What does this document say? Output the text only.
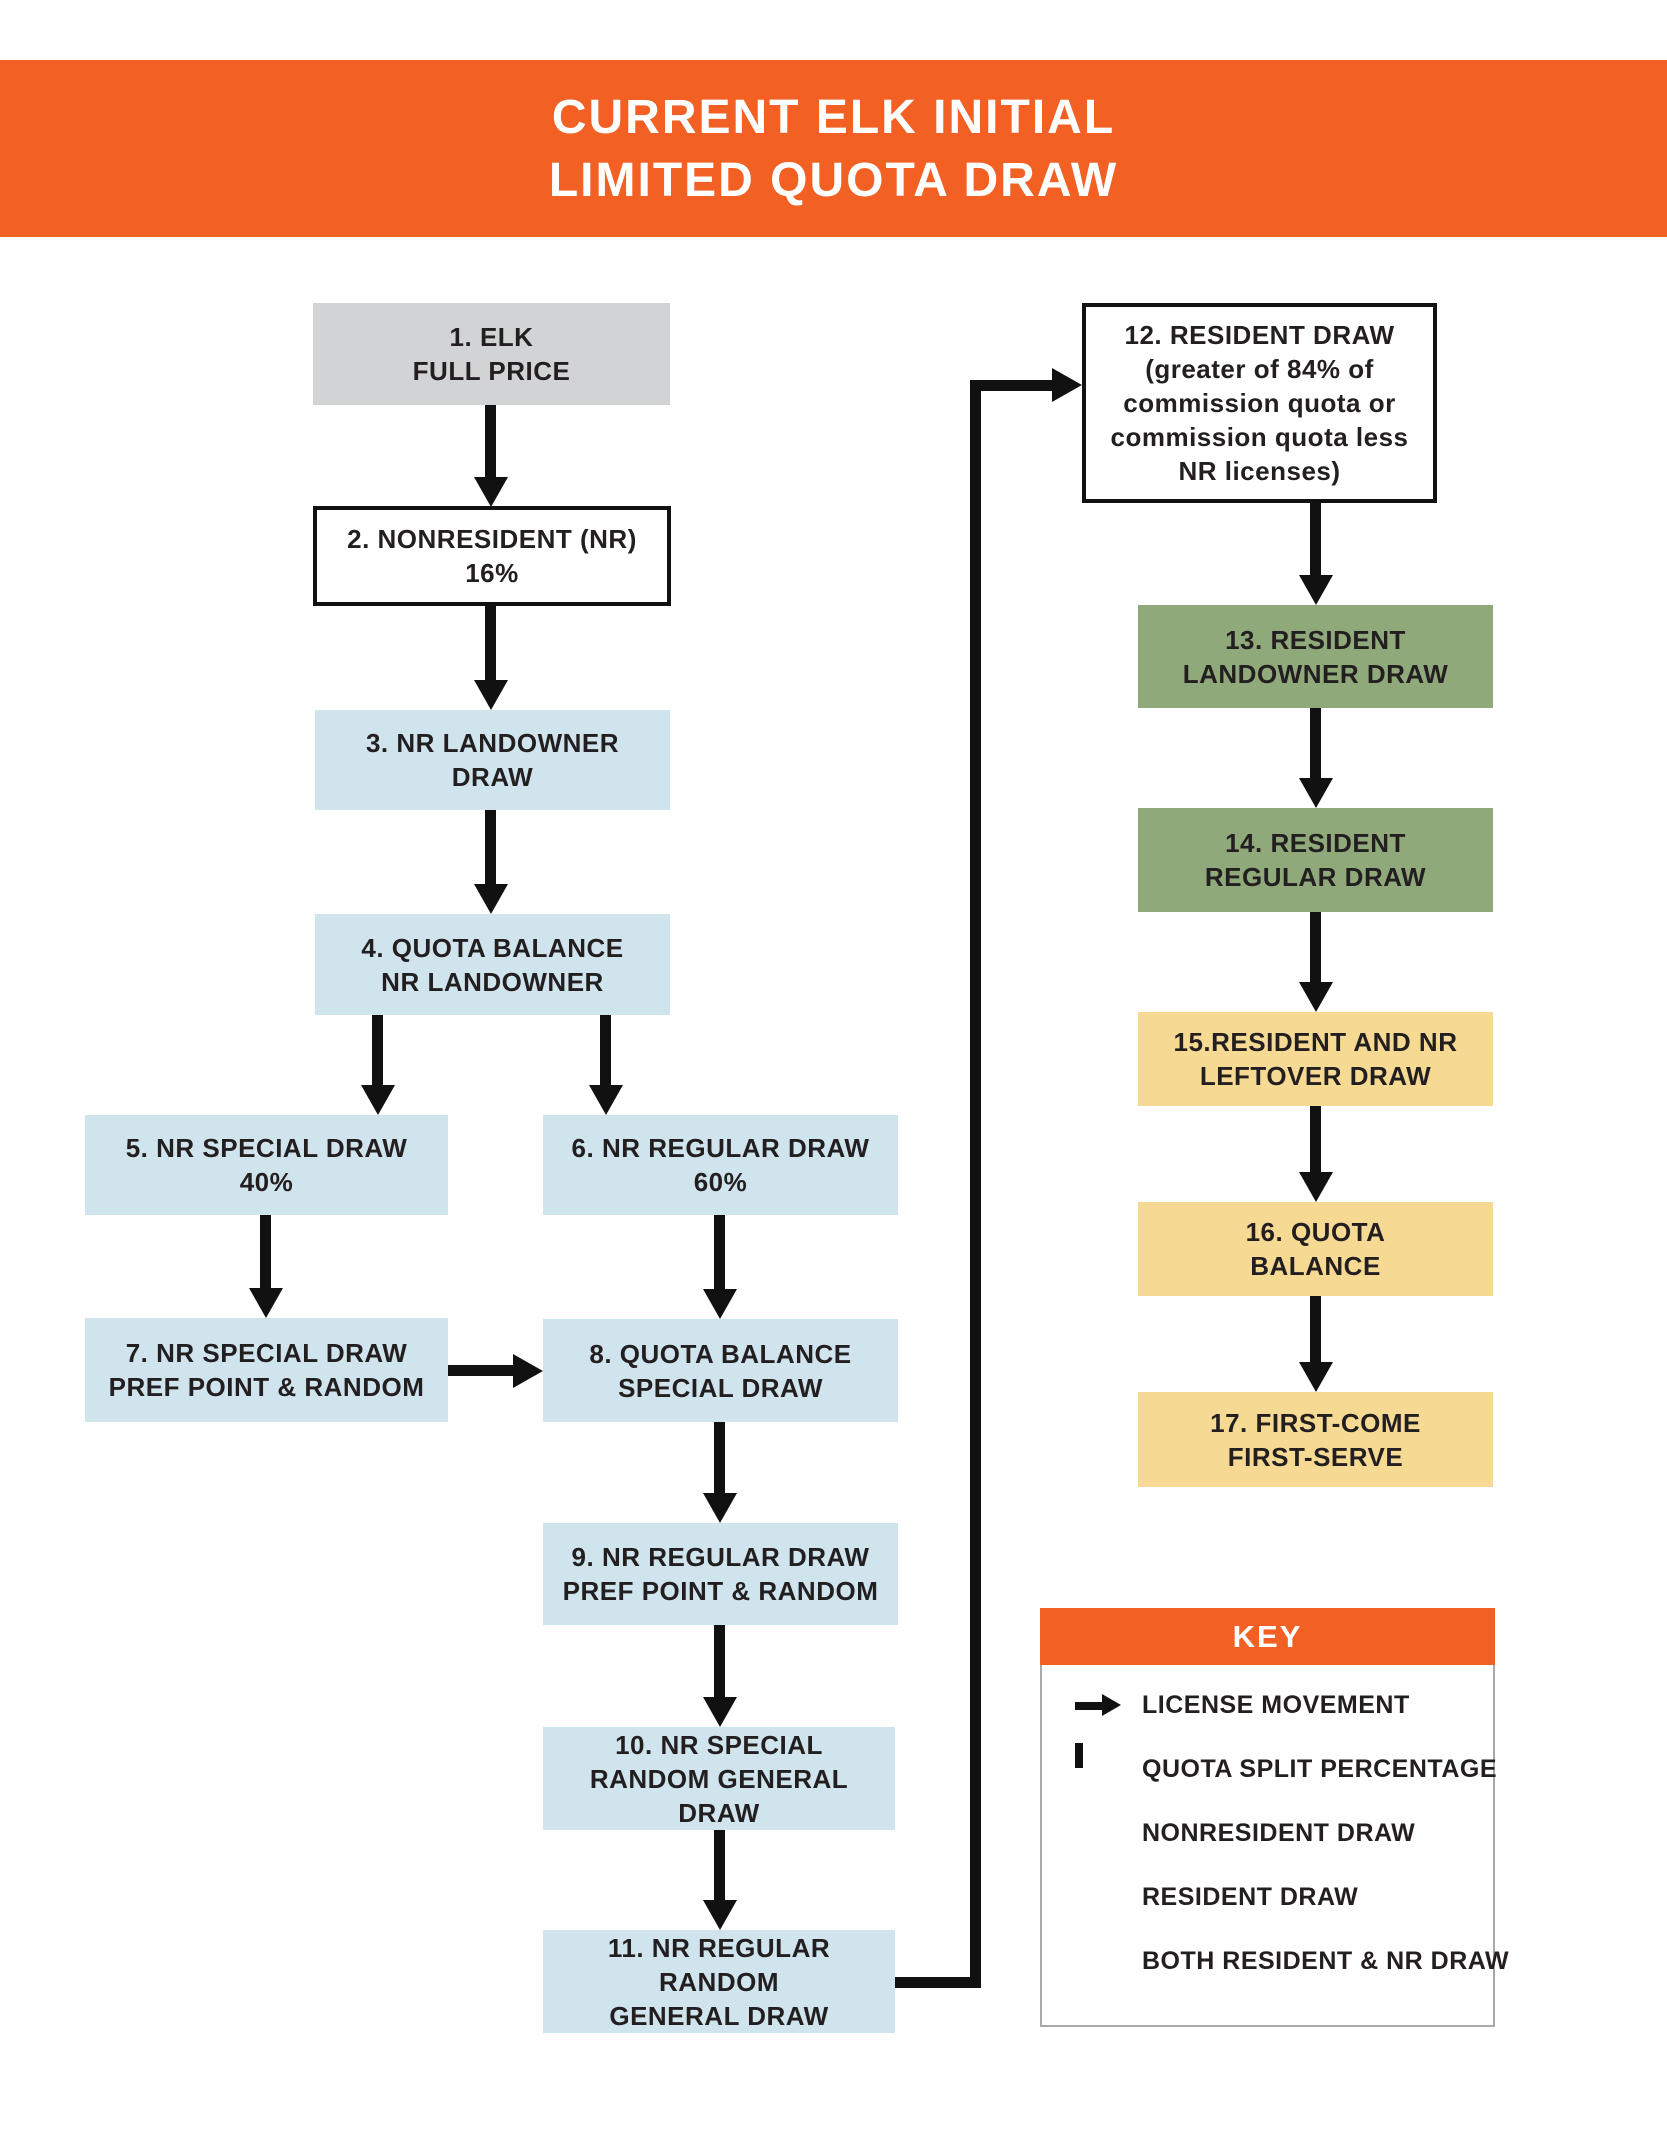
CURRENT ELK INITIAL
LIMITED QUOTA DRAW
1. ELK
FULL PRICE
2. NONRESIDENT (NR)
16%
3. NR LANDOWNER
DRAW
4. QUOTA BALANCE
NR LANDOWNER
5. NR SPECIAL DRAW
40%
6. NR REGULAR DRAW
60%
7. NR SPECIAL DRAW
PREF POINT & RANDOM
8. QUOTA BALANCE
SPECIAL DRAW
9. NR REGULAR DRAW
PREF POINT & RANDOM
10. NR SPECIAL
RANDOM GENERAL
DRAW
11. NR REGULAR
RANDOM
GENERAL DRAW
12. RESIDENT DRAW
(greater of 84% of
commission quota or
commission quota less
NR licenses)
13. RESIDENT
LANDOWNER DRAW
14. RESIDENT
REGULAR DRAW
15.RESIDENT AND NR
LEFTOVER DRAW
16. QUOTA
BALANCE
17. FIRST-COME
FIRST-SERVE
KEY
LICENSE MOVEMENT
QUOTA SPLIT PERCENTAGE
NONRESIDENT DRAW
RESIDENT DRAW
BOTH RESIDENT & NR DRAW
